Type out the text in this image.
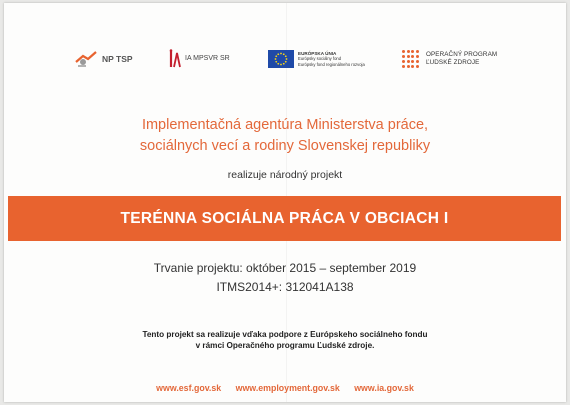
NP TSP	IA MPSVR SR
EURÓPSKA ÚNIA
Európsky sociálny fond
Európsky fond regionálneho rozvoja
OPERAČNÝ PROGRAM
ĽUDSKÉ ZDROJE
Implementačná agentúra Ministerstva práce,
sociálnych vecí a rodiny Slovenskej republiky
realizuje národný projekt
TERÉNNA SOCIÁLNA PRÁCA V OBCIACH I
Trvanie projektu: október 2015 – september 2019
ITMS2014+: 312041A138
Tento projekt sa realizuje vďaka podpore z Európskeho sociálneho fondu
v rámci Operačného programu Ľudské zdroje.
www.esf.gov.sk www.employment.gov.sk www.ia.gov.sk
